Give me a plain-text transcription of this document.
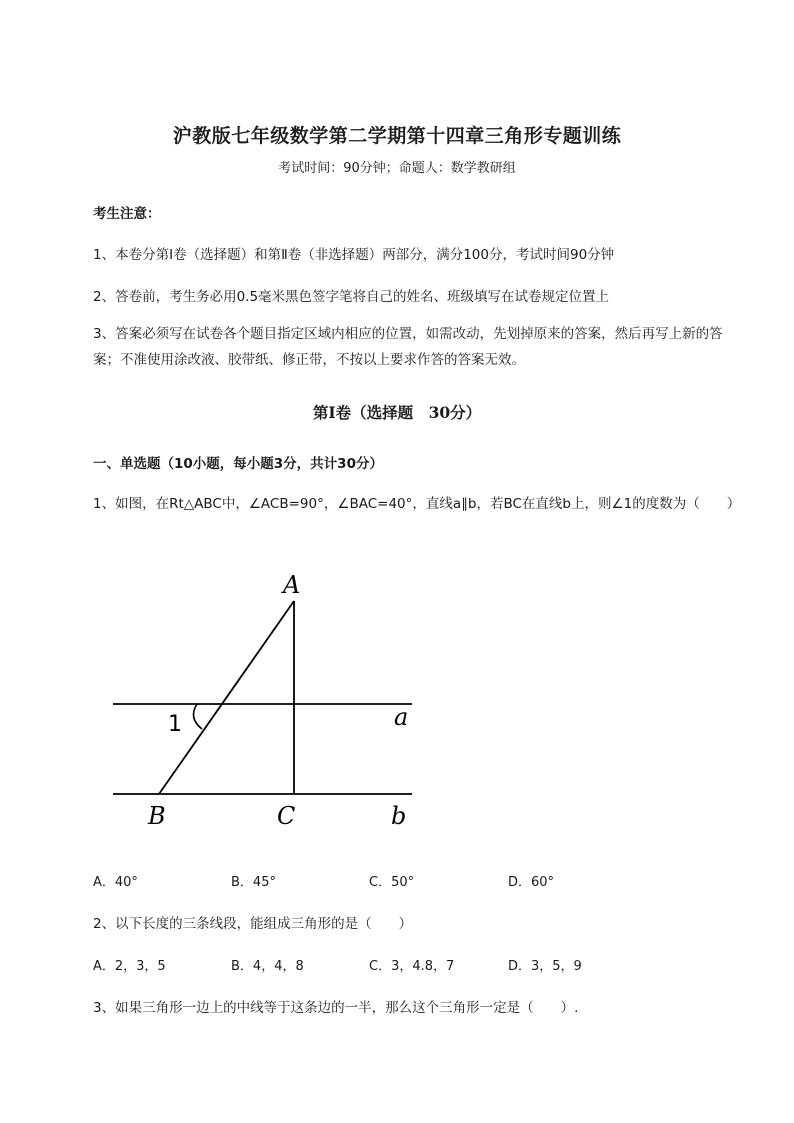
沪教版七年级数学第二学期第十四章三角形专题训练
考试时间：90分钟；命题人：数学教研组
考生注意：
1、本卷分第Ⅰ卷（选择题）和第Ⅱ卷（非选择题）两部分，满分100分，考试时间90分钟
2、答卷前，考生务必用0.5毫米黑色签字笔将自己的姓名、班级填写在试卷规定位置上
3、答案必须写在试卷各个题目指定区域内相应的位置，如需改动，先划掉原来的答案，然后再写上新的答案；不准使用涂改液、胶带纸、修正带，不按以上要求作答的答案无效。
第Ⅰ卷（选择题　30分）
一、单选题（10小题，每小题3分，共计30分）
1、如图，在Rt△ABC中，∠ACB=90°，∠BAC=40°，直线a∥b，若BC在直线b上，则∠1的度数为（　　）
A
B	C
a
b
1
A．40°	B．45°	C．50°	D．60°
2、以下长度的三条线段，能组成三角形的是（　　）
A．2，3，5	B．4，4，8	C．3，4.8，7	D．3，5，9
3、如果三角形一边上的中线等于这条边的一半，那么这个三角形一定是（　　）.
